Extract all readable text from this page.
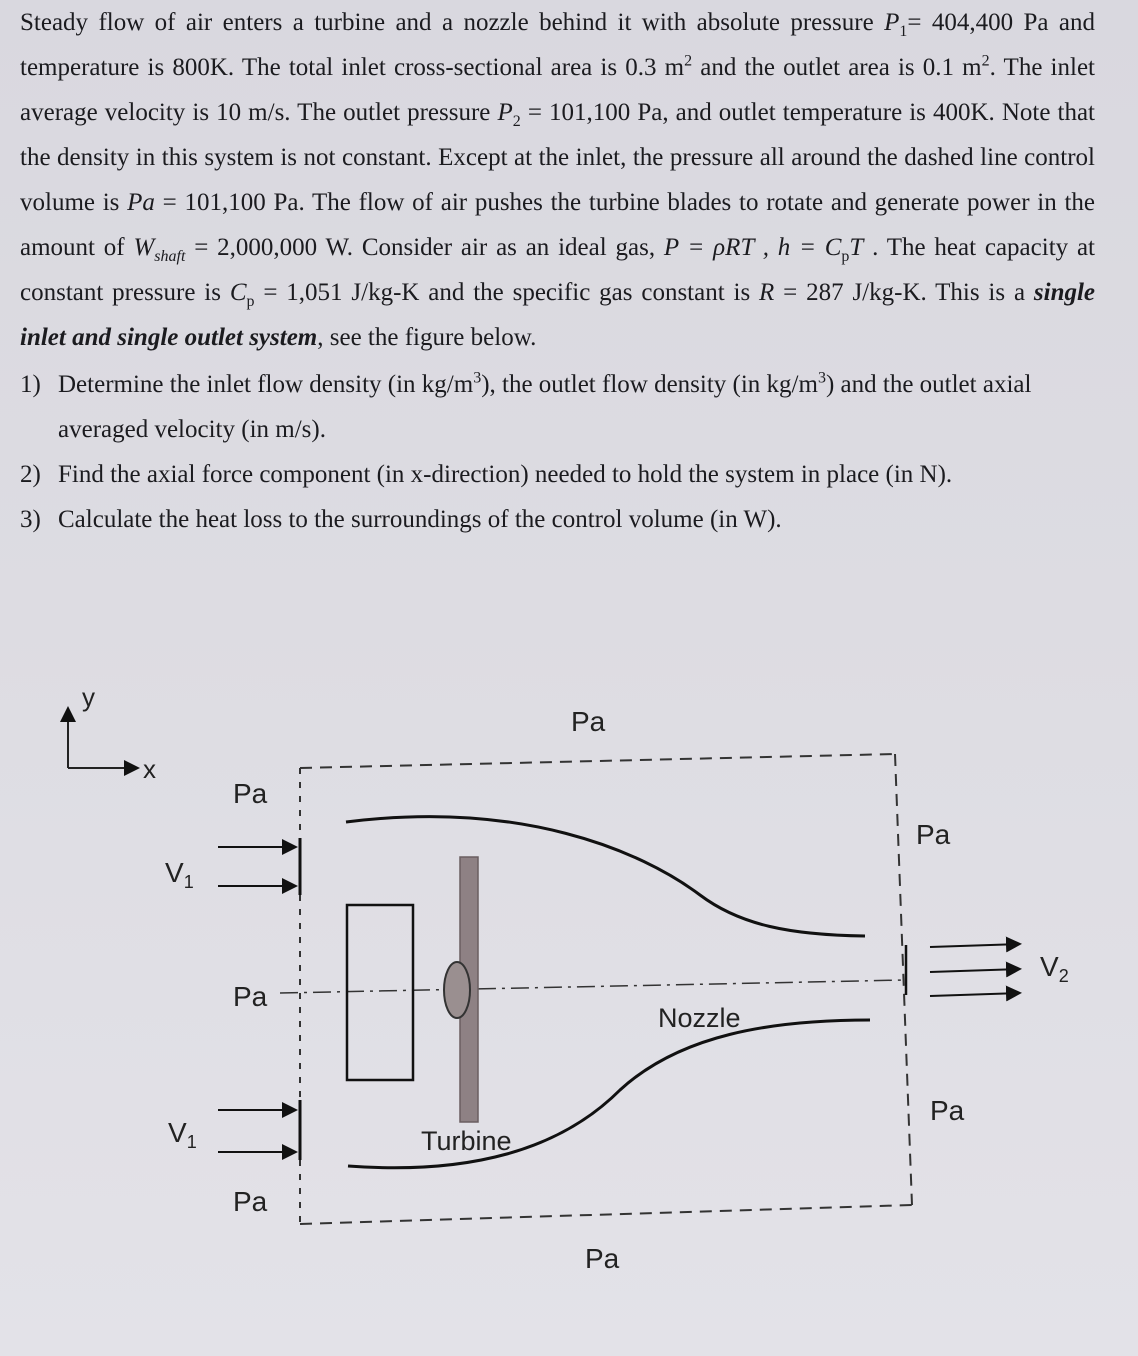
Steady flow of air enters a turbine and a nozzle behind it with absolute pressure $P_1= 404,400$ Pa and temperature is 800K. The total inlet cross-sectional area is 0.3 $m^2$ and the outlet area is 0.1 $m^2$. The inlet average velocity is 10 m/s. The outlet pressure $P_2 = 101,100$ Pa, and outlet temperature is 400K. Note that the density in this system is not constant. Except at the inlet, the pressure all around the dashed line control volume is Pa = 101,100 Pa. The flow of air pushes the turbine blades to rotate and generate power in the amount of $W_{shaft} = 2,000,000$ W. Consider air as an ideal gas, P = ρRT , $h = C_pT$ . The heat capacity at constant pressure is $C_p = 1,051$ J/kg-K and the specific gas constant is R = 287 J/kg-K. This is a single inlet and single outlet system, see the figure below.

1) Determine the inlet flow density (in $kg/m^3$), the outlet flow density (in $kg/m^3$) and the outlet axial averaged velocity (in m/s).
2) Find the axial force component (in x-direction) needed to hold the system in place (in N).
3) Calculate the heat loss to the surroundings of the control volume (in W).
y
x
Pa
Pa
Pa
Pa
Pa
Pa
Pa
$V_1$
$V_1$
$V_2$
Turbine
Nozzle
